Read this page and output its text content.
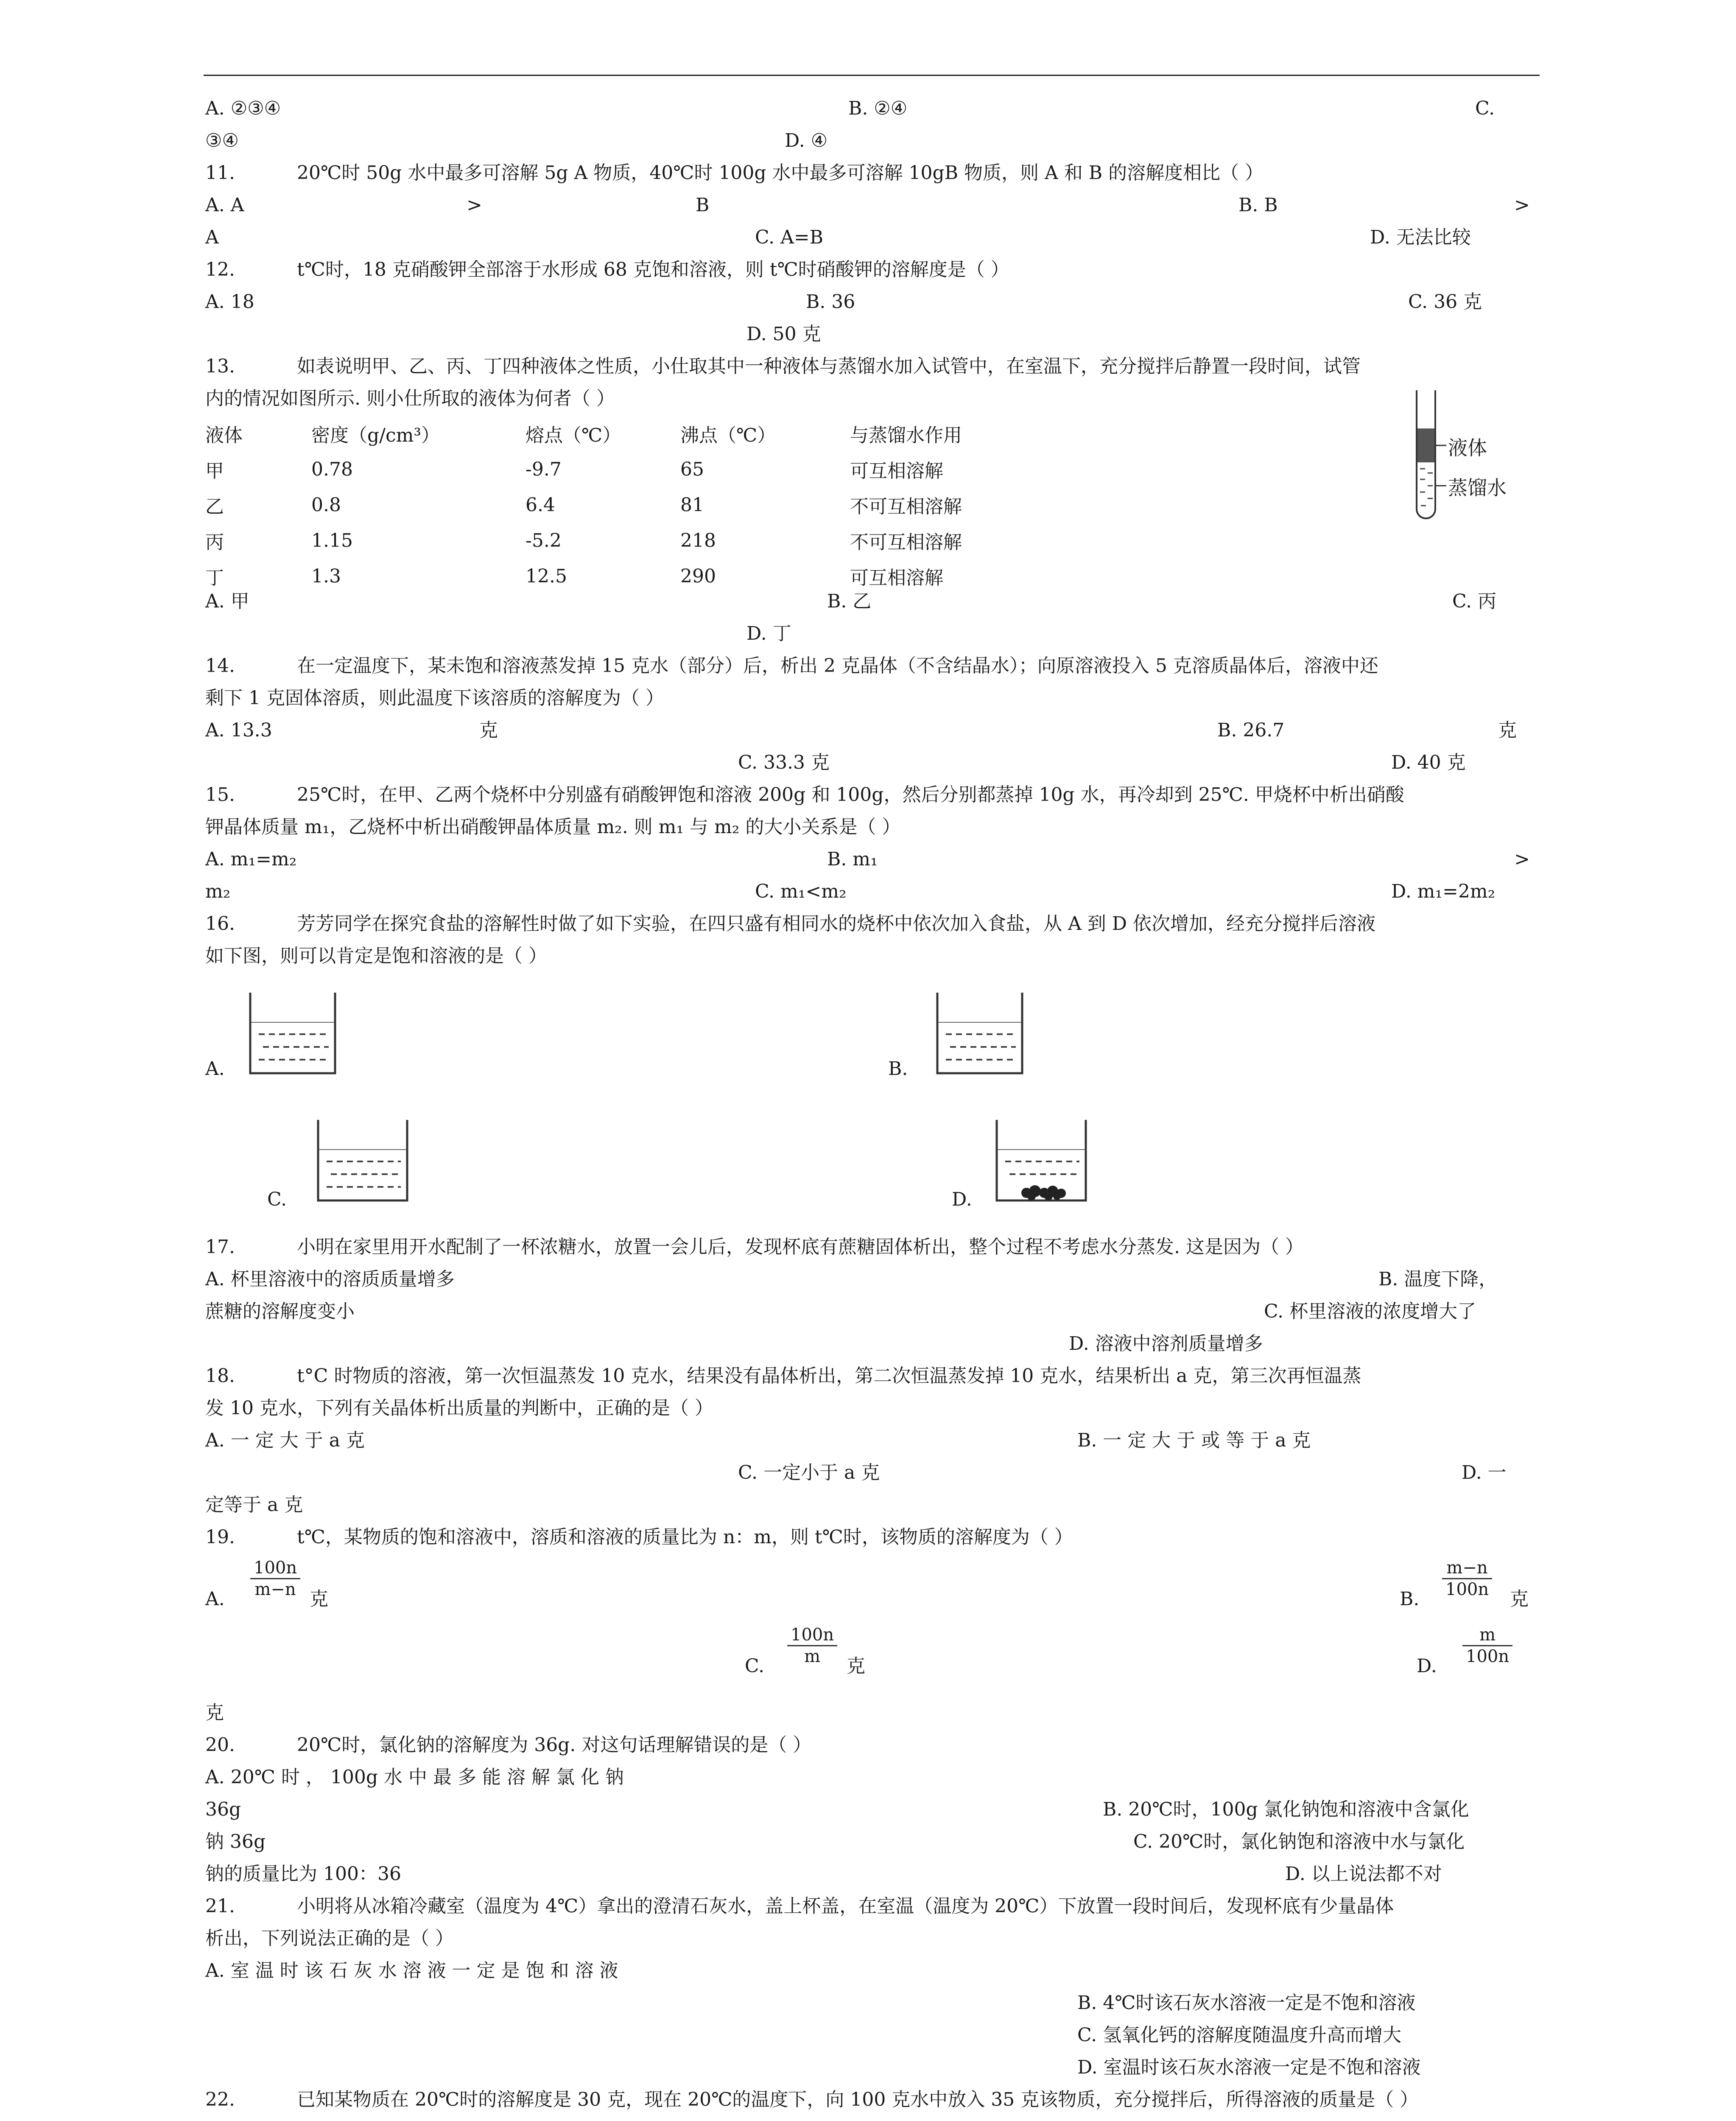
A. ②③④	B. ②④	C.
③④	D. ④
11.	20℃时 50g 水中最多可溶解 5g A 物质，40℃时 100g 水中最多可溶解 10gB 物质，则 A 和 B 的溶解度相比（ ）
A. A	>	B	B. B	>
A	C. A=B	D. 无法比较
12.	t℃时，18 克硝酸钾全部溶于水形成 68 克饱和溶液，则 t℃时硝酸钾的溶解度是（ ）
A. 18	B. 36	C. 36 克
D. 50 克
13.	如表说明甲、乙、丙、丁四种液体之性质，小仕取其中一种液体与蒸馏水加入试管中，在室温下，充分搅拌后静置一段时间，试管
内的情况如图所示. 则小仕所取的液体为何者（ ）
液体	密度（g/cm³）	熔点（℃）	沸点（℃）	与蒸馏水作用
甲	0.78	-9.7	65	可互相溶解
乙	0.8	6.4	81	不可互相溶解
丙	1.15	-5.2	218	不可互相溶解
丁	1.3	12.5	290	可互相溶解
液体
蒸馏水
A. 甲	B. 乙	C. 丙
D. 丁
14.	在一定温度下，某未饱和溶液蒸发掉 15 克水（部分）后，析出 2 克晶体（不含结晶水）；向原溶液投入 5 克溶质晶体后，溶液中还
剩下 1 克固体溶质，则此温度下该溶质的溶解度为（ ）
A. 13.3	克	B. 26.7	克
C. 33.3 克	D. 40 克
15.	25℃时，在甲、乙两个烧杯中分别盛有硝酸钾饱和溶液 200g 和 100g，然后分别都蒸掉 10g 水，再冷却到 25℃. 甲烧杯中析出硝酸
钾晶体质量 m₁，乙烧杯中析出硝酸钾晶体质量 m₂. 则 m₁ 与 m₂ 的大小关系是（ ）
A. m₁=m₂	B. m₁	>
m₂	C. m₁<m₂	D. m₁=2m₂
16.	芳芳同学在探究食盐的溶解性时做了如下实验，在四只盛有相同水的烧杯中依次加入食盐，从 A 到 D 依次增加，经充分搅拌后溶液
如下图，则可以肯定是饱和溶液的是（ ）
A.	B.
C.	D.
17.	小明在家里用开水配制了一杯浓糖水，放置一会儿后，发现杯底有蔗糖固体析出，整个过程不考虑水分蒸发. 这是因为（ ）
A. 杯里溶液中的溶质质量增多	B. 温度下降，
蔗糖的溶解度变小	C. 杯里溶液的浓度增大了
D. 溶液中溶剂质量增多
18.	t°C 时物质的溶液，第一次恒温蒸发 10 克水，结果没有晶体析出，第二次恒温蒸发掉 10 克水，结果析出 a 克，第三次再恒温蒸
发 10 克水，下列有关晶体析出质量的判断中，正确的是（ ）
A. 一 定 大 于 a 克	B. 一 定 大 于 或 等 于 a 克
C. 一定小于 a 克	D. 一
定等于 a 克
19.	t℃，某物质的饱和溶液中，溶质和溶液的质量比为 n：m，则 t℃时，该物质的溶解度为（ ）
A. $\frac{100n}{m-n}$ 克	B. $\frac{m-n}{100n}$ 克
C. $\frac{100n}{m}$ 克	D. $\frac{m}{100n}$
克
20.	20℃时，氯化钠的溶解度为 36g. 对这句话理解错误的是（ ）
A. 20℃ 时 ， 100g 水 中 最 多 能 溶 解 氯 化 钠
36g	B. 20℃时，100g 氯化钠饱和溶液中含氯化
钠 36g	C. 20℃时，氯化钠饱和溶液中水与氯化
钠的质量比为 100：36	D. 以上说法都不对
21.	小明将从冰箱冷藏室（温度为 4℃）拿出的澄清石灰水，盖上杯盖，在室温（温度为 20℃）下放置一段时间后，发现杯底有少量晶体
析出，下列说法正确的是（ ）
A. 室 温 时 该 石 灰 水 溶 液 一 定 是 饱 和 溶 液
B. 4℃时该石灰水溶液一定是不饱和溶液
C. 氢氧化钙的溶解度随温度升高而增大
D. 室温时该石灰水溶液一定是不饱和溶液
22.	已知某物质在 20℃时的溶解度是 30 克，现在 20℃的温度下，向 100 克水中放入 35 克该物质，充分搅拌后，所得溶液的质量是（ ）
